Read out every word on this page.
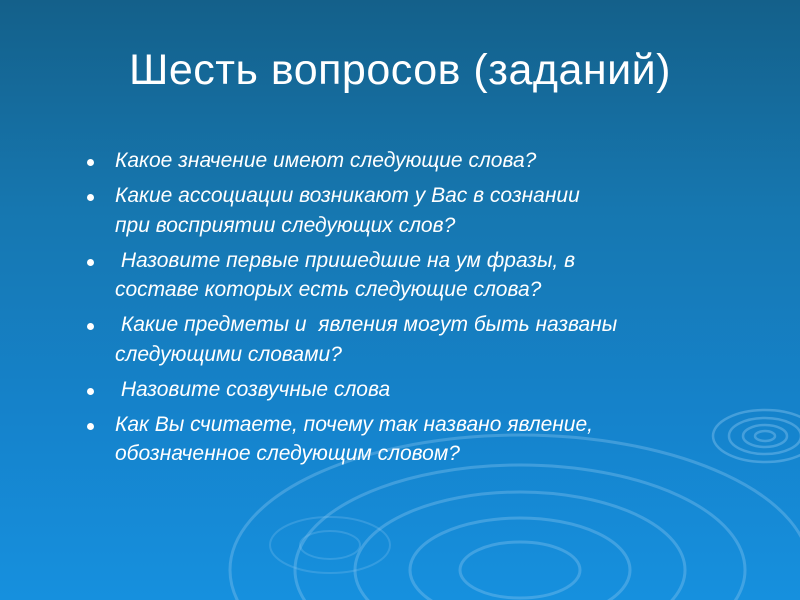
Шесть вопросов (заданий)
Какое значение имеют следующие слова?
Какие ассоциации возникают у Вас в сознании
при восприятии следующих слов?
Назовите первые пришедшие на ум фразы, в
составе которых есть следующие слова?
Какие предметы и  явления могут быть названы
следующими словами?
Назовите созвучные слова
Как Вы считаете, почему так названо явление,
обозначенное следующим словом?
